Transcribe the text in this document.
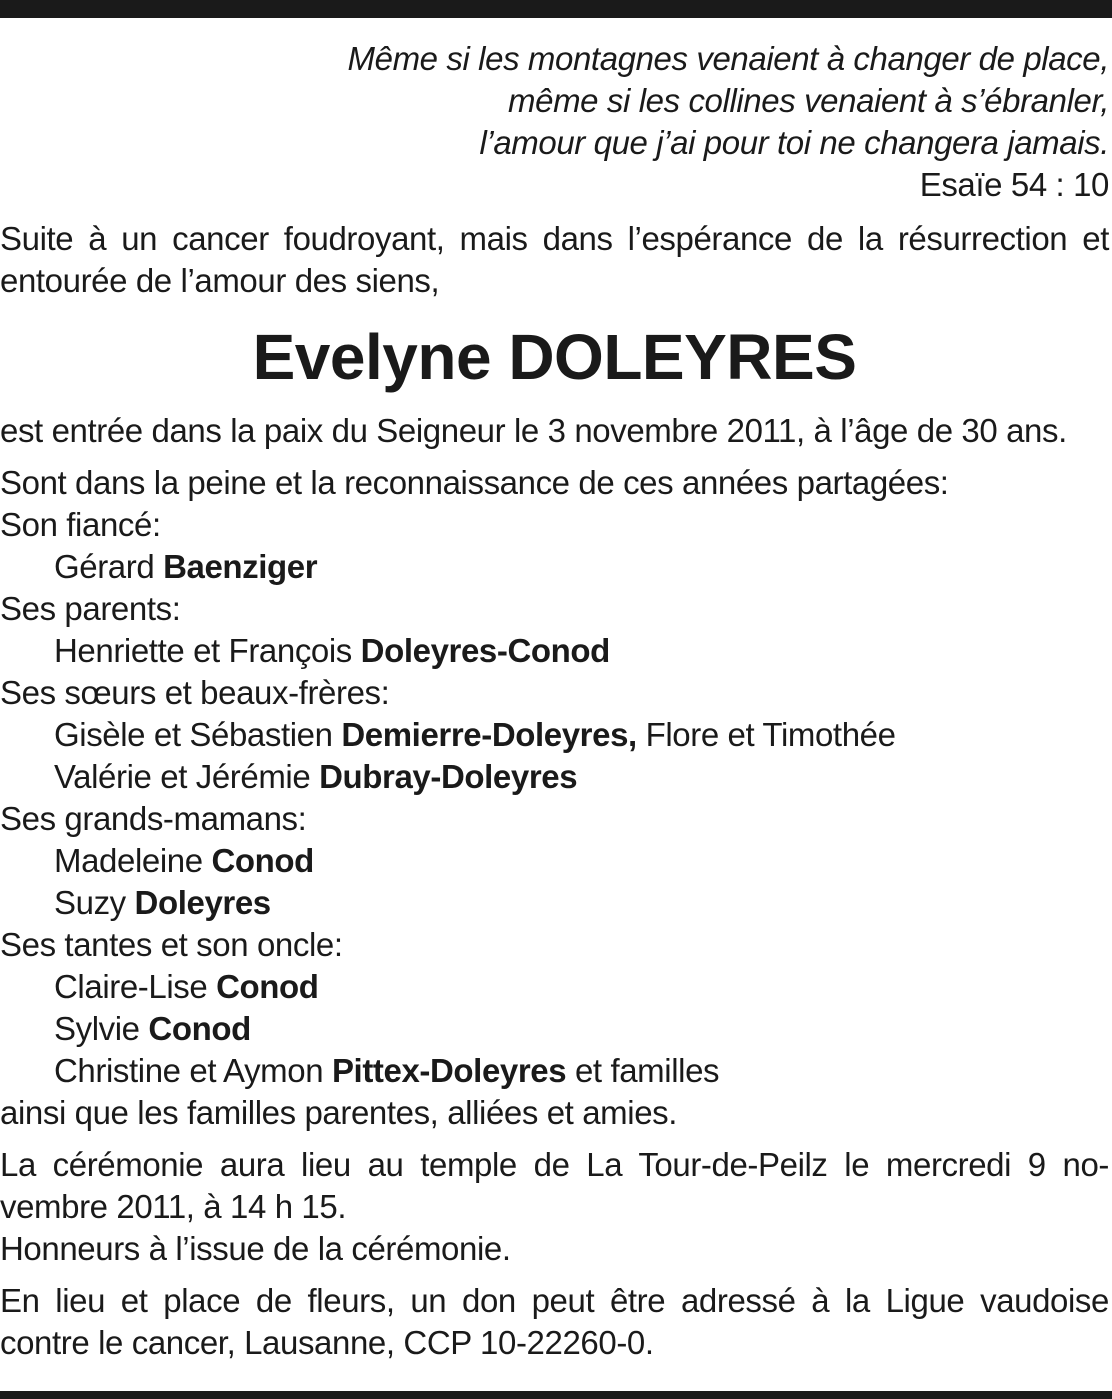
Même si les montagnes venaient à changer de place,
même si les collines venaient à s’ébranler,
l’amour que j’ai pour toi ne changera jamais.
Esaïe 54 : 10

Suite à un cancer foudroyant, mais dans l’espérance de la résurrection et
entourée de l’amour des siens,

Evelyne DOLEYRES

est entrée dans la paix du Seigneur le 3 novembre 2011, à l’âge de 30 ans.

Sont dans la peine et la reconnaissance de ces années partagées:
Son fiancé:
Gérard Baenziger
Ses parents:
Henriette et François Doleyres-Conod
Ses sœurs et beaux-frères:
Gisèle et Sébastien Demierre-Doleyres, Flore et Timothée
Valérie et Jérémie Dubray-Doleyres
Ses grands-mamans:
Madeleine Conod
Suzy Doleyres
Ses tantes et son oncle:
Claire-Lise Conod
Sylvie Conod
Christine et Aymon Pittex-Doleyres et familles
ainsi que les familles parentes, alliées et amies.

La cérémonie aura lieu au temple de La Tour-de-Peilz le mercredi 9 no-
vembre 2011, à 14 h 15.
Honneurs à l’issue de la cérémonie.

En lieu et place de fleurs, un don peut être adressé à la Ligue vaudoise
contre le cancer, Lausanne, CCP 10-22260-0.
